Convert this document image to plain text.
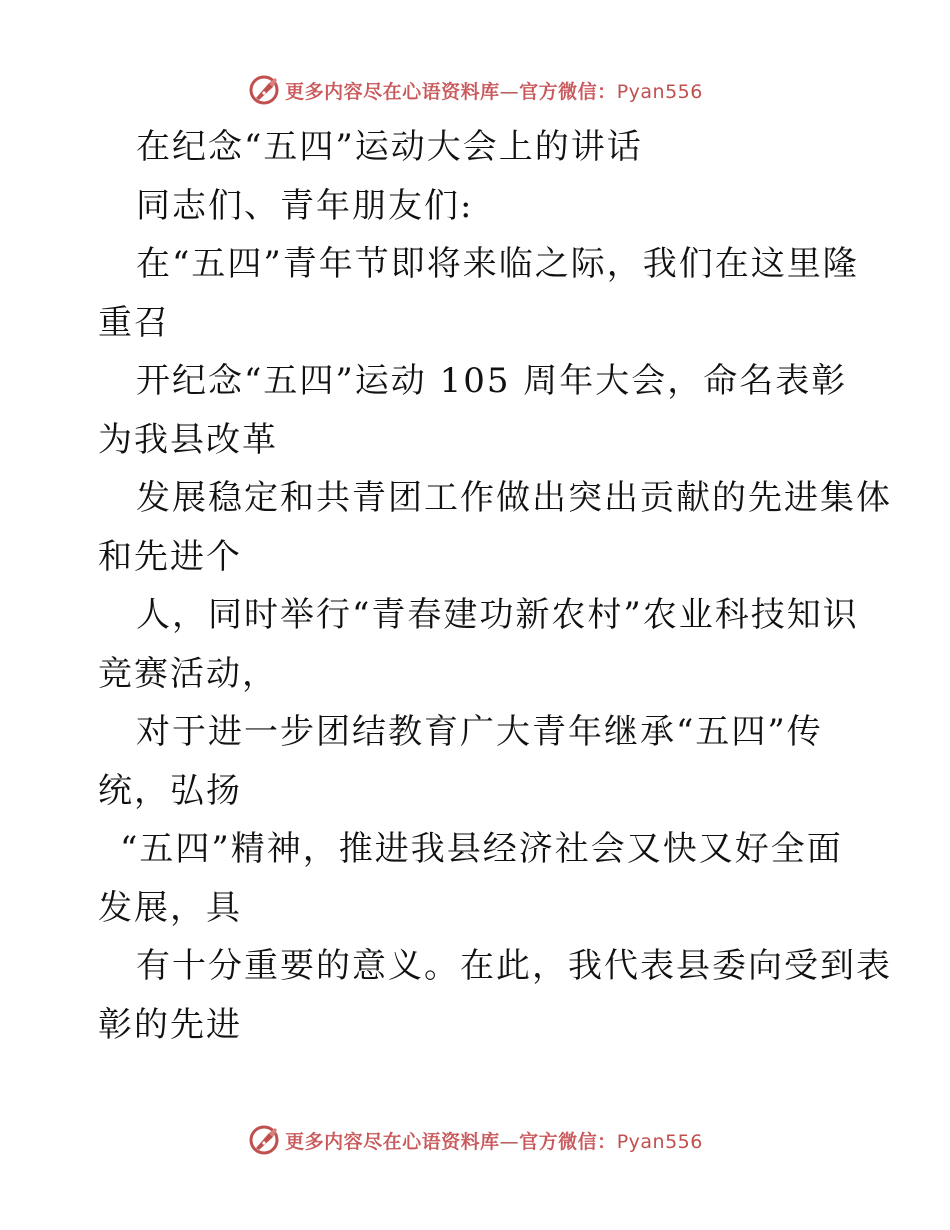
更多内容尽在心语资料库—官方微信：Pyan556
在纪念“五四”运动大会上的讲话
同志们、青年朋友们:
在“五四”青年节即将来临之际，我们在这里隆
重召
开纪念“五四”运动 105 周年大会，命名表彰
为我县改革
发展稳定和共青团工作做出突出贡献的先进集体
和先进个
人，同时举行“青春建功新农村”农业科技知识
竞赛活动，
对于进一步团结教育广大青年继承“五四”传
统，弘扬
“五四”精神，推进我县经济社会又快又好全面
发展，具
有十分重要的意义。在此，我代表县委向受到表
彰的先进
更多内容尽在心语资料库—官方微信：Pyan556
